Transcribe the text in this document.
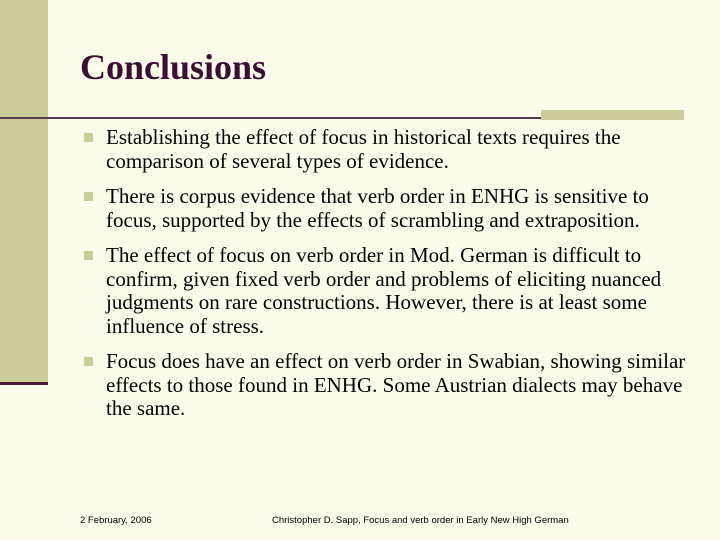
Conclusions
Establishing the effect of focus in historical texts requires the comparison of several types of evidence.
There is corpus evidence that verb order in ENHG is sensitive to focus, supported by the effects of scrambling and extraposition.
The effect of focus on verb order in Mod. German is difficult to confirm, given fixed verb order and problems of eliciting nuanced judgments on rare constructions. However, there is at least some influence of stress.
Focus does have an effect on verb order in Swabian, showing similar effects to those found in ENHG. Some Austrian dialects may behave the same.
2 February, 2006	Christopher D. Sapp, Focus and verb order in Early New High German
